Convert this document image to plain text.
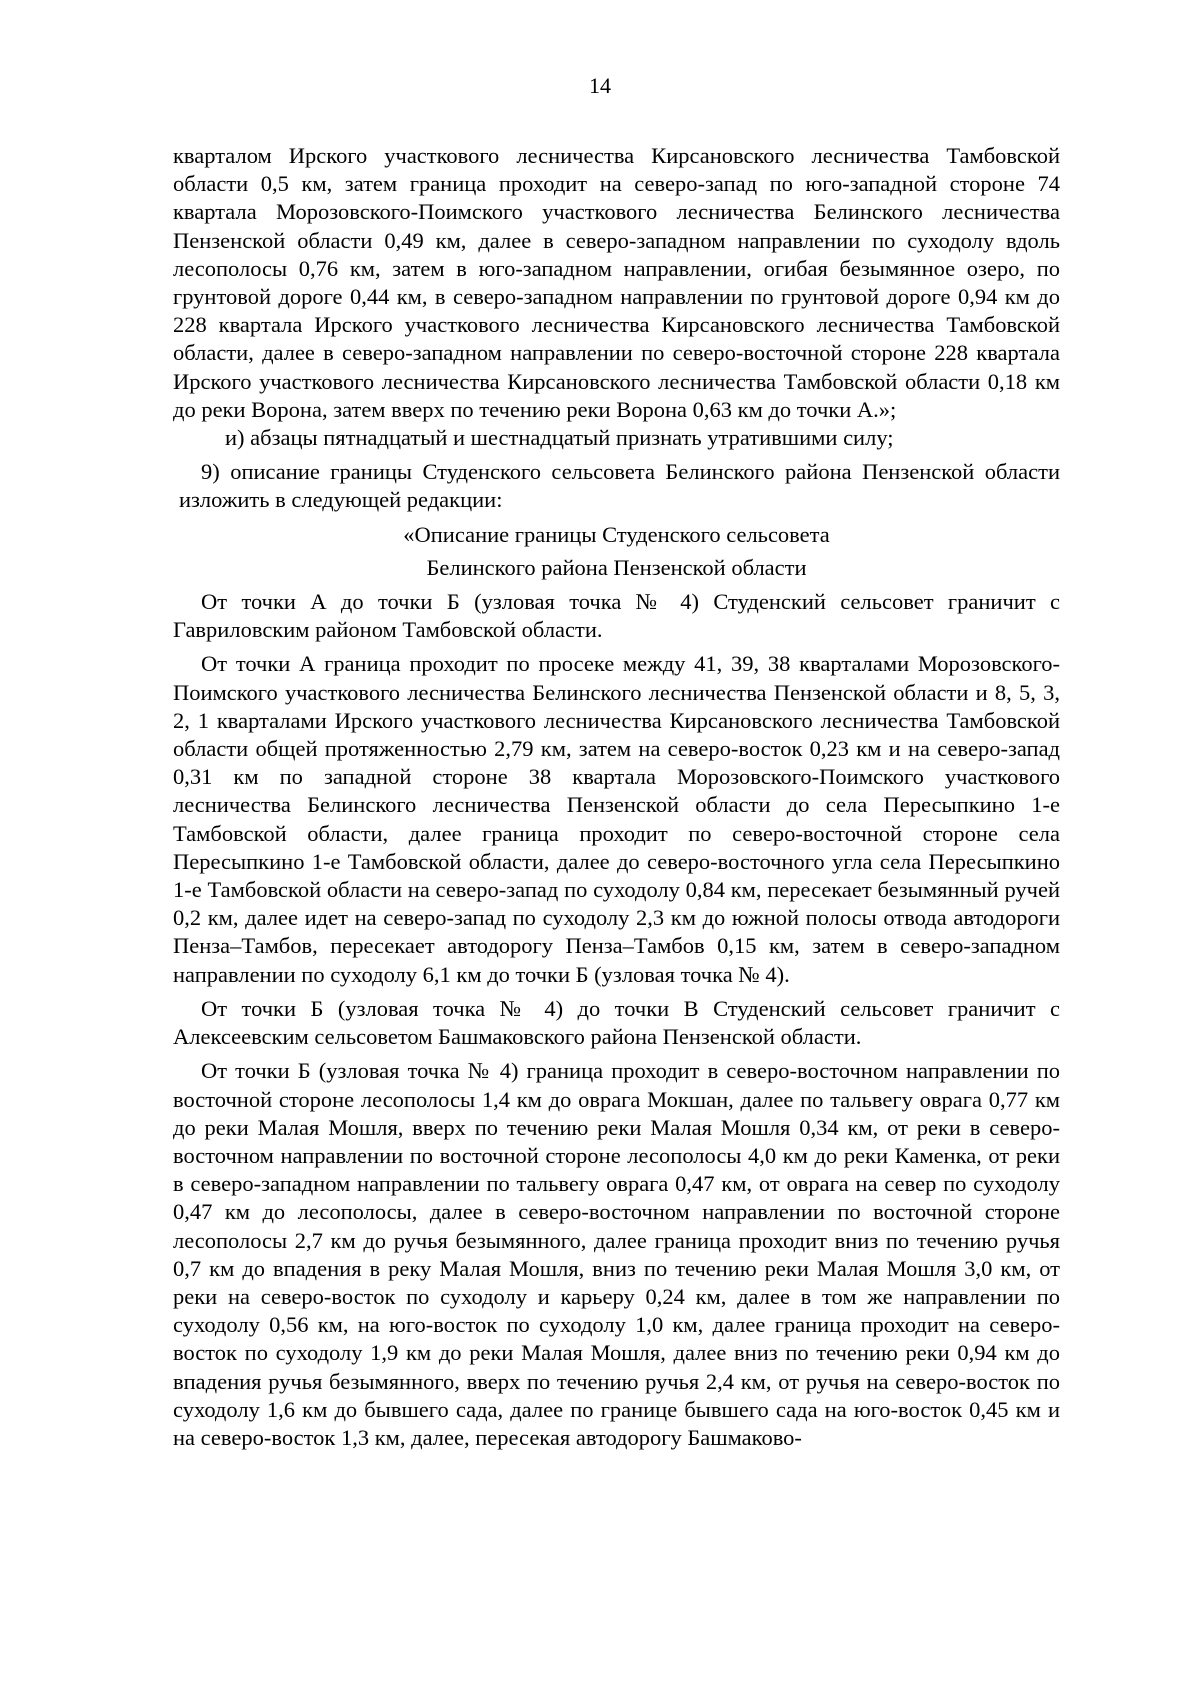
14

кварталом Ирского участкового лесничества Кирсановского лесничества Тамбовской области 0,5 км, затем граница проходит на северо-запад по юго-западной стороне 74 квартала Морозовского-Поимского участкового лесничества Белинского лесничества Пензенской области 0,49 км, далее в северо-западном направлении по суходолу вдоль лесополосы 0,76 км, затем в юго-западном направлении, огибая безымянное озеро, по грунтовой дороге 0,44 км, в северо-западном направлении по грунтовой дороге 0,94 км до 228 квартала Ирского участкового лесничества Кирсановского лесничества Тамбовской области, далее в северо-западном направлении по северо-восточной стороне 228 квартала Ирского участкового лесничества Кирсановского лесничества Тамбовской области 0,18 км до реки Ворона, затем вверх по течению реки Ворона 0,63 км до точки А.»;

и) абзацы пятнадцатый и шестнадцатый признать утратившими силу;

9) описание границы Студенского сельсовета Белинского района Пензенской области изложить в следующей редакции:

«Описание границы Студенского сельсовета

Белинского района Пензенской области

От точки А до точки Б (узловая точка № 4) Студенский сельсовет граничит с Гавриловским районом Тамбовской области.

От точки А граница проходит по просеке между 41, 39, 38 кварталами Морозовского-Поимского участкового лесничества Белинского лесничества Пензенской области и 8, 5, 3, 2, 1 кварталами Ирского участкового лесничества Кирсановского лесничества Тамбовской области общей протяженностью 2,79 км, затем на северо-восток 0,23 км и на северо-запад 0,31 км по западной стороне 38 квартала Морозовского-Поимского участкового лесничества Белинского лесничества Пензенской области до села Пересыпкино 1-е Тамбовской области, далее граница проходит по северо-восточной стороне села Пересыпкино 1-е Тамбовской области, далее до северо-восточного угла села Пересыпкино 1-е Тамбовской области на северо-запад по суходолу 0,84 км, пересекает безымянный ручей 0,2 км, далее идет на северо-запад по суходолу 2,3 км до южной полосы отвода автодороги Пенза–Тамбов, пересекает автодорогу Пенза–Тамбов 0,15 км, затем в северо-западном направлении по суходолу 6,1 км до точки Б (узловая точка № 4).

От точки Б (узловая точка № 4) до точки В Студенский сельсовет граничит с Алексеевским сельсоветом Башмаковского района Пензенской области.

От точки Б (узловая точка № 4) граница проходит в северо-восточном направлении по восточной стороне лесополосы 1,4 км до оврага Мокшан, далее по тальвегу оврага 0,77 км до реки Малая Мошля, вверх по течению реки Малая Мошля 0,34 км, от реки в северо-восточном направлении по восточной стороне лесополосы 4,0 км до реки Каменка, от реки в северо-западном направлении по тальвегу оврага 0,47 км, от оврага на север по суходолу 0,47 км до лесополосы, далее в северо-восточном направлении по восточной стороне лесополосы 2,7 км до ручья безымянного, далее граница проходит вниз по течению ручья 0,7 км до впадения в реку Малая Мошля, вниз по течению реки Малая Мошля 3,0 км, от реки на северо-восток по суходолу и карьеру 0,24 км, далее в том же направлении по суходолу 0,56 км, на юго-восток по суходолу 1,0 км, далее граница проходит на северо-восток по суходолу 1,9 км до реки Малая Мошля, далее вниз по течению реки 0,94 км до впадения ручья безымянного, вверх по течению ручья 2,4 км, от ручья на северо-восток по суходолу 1,6 км до бывшего сада, далее по границе бывшего сада на юго-восток 0,45 км и на северо-восток 1,3 км, далее, пересекая автодорогу Башмаково-
